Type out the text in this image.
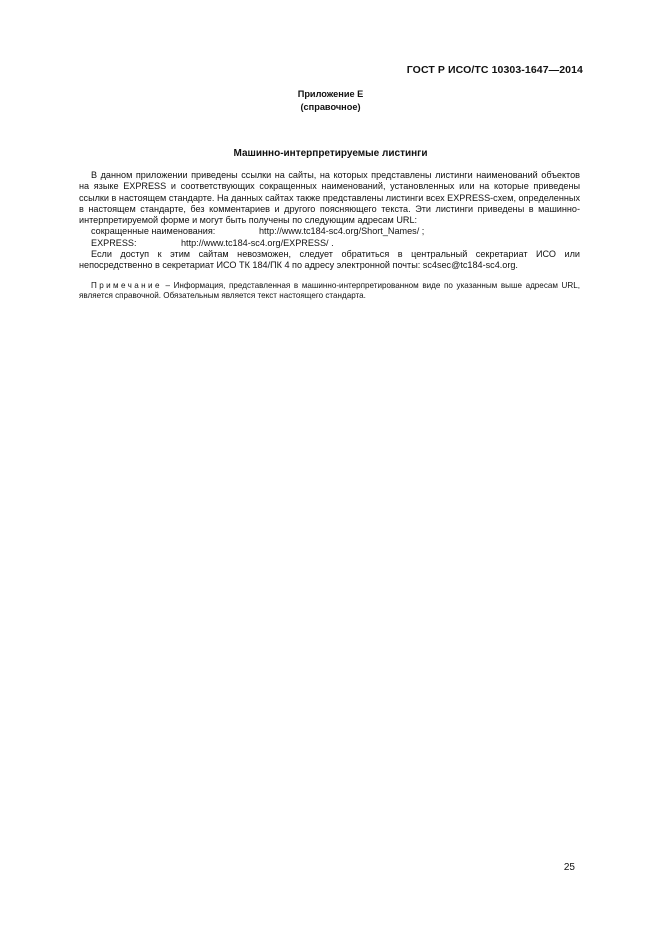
ГОСТ Р ИСО/ТС 10303-1647—2014
Приложение Е
(справочное)
Машинно-интерпретируемые листинги

В данном приложении приведены ссылки на сайты, на которых представлены листинги наименований объектов на языке EXPRESS и соответствующих сокращенных наименований, установленных или на которые приведены ссылки в настоящем стандарте. На данных сайтах также представлены листинги всех EXPRESS-схем, определенных в настоящем стандарте, без комментариев и другого поясняющего текста. Эти листинги приведены в машинно-интерпретируемой форме и могут быть получены по следующим адресам URL:

сокращенные наименования:	http://www.tc184-sc4.org/Short_Names/ ;

EXPRESS:	http://www.tc184-sc4.org/EXPRESS/ .

Если доступ к этим сайтам невозможен, следует обратиться в центральный секретариат ИСО или непосредственно в секретариат ИСО ТК 184/ПК 4 по адресу электронной почты: sc4sec@tc184-sc4.org.

Примечание – Информация, представленная в машинно-интерпретированном виде по указанным выше адресам URL, является справочной. Обязательным является текст настоящего стандарта.

25
